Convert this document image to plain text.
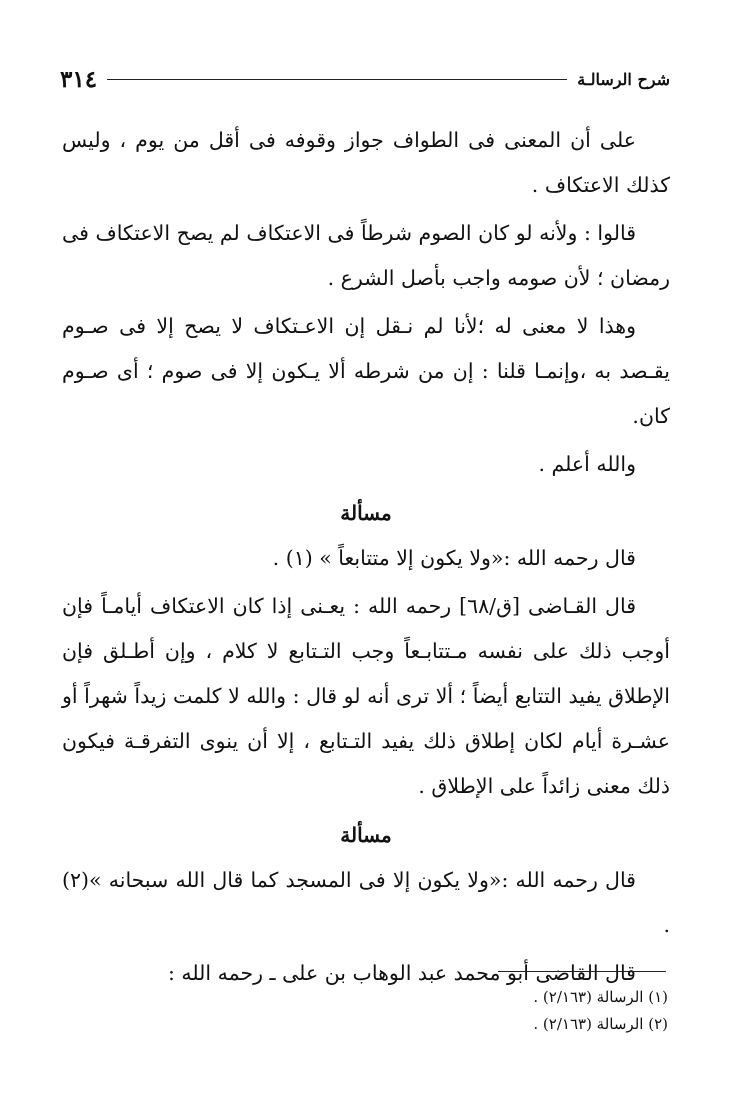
٣١٤	شرح الرسالـة

على أن المعنى فى الطواف جواز وقوفه فى أقل من يوم ، وليس كذلك الاعتكاف .

قالوا : ولأنه لو كان الصوم شرطاً فى الاعتكاف لم يصح الاعتكاف فى رمضان ؛ لأن صومه واجب بأصل الشرع .

وهذا لا معنى له ؛لأنا لم نـقل إن الاعـتكاف لا يصح إلا فى صـوم يقـصد به ،وإنمـا قلنا : إن من شرطه ألا يـكون إلا فى صوم ؛ أى صـوم كان.

والله أعلم .

مسألة

قال رحمه الله :«ولا يكون إلا متتابعاً » (١) .

قال القـاضى [ق/٦٨] رحمه الله : يعـنى إذا كان الاعتكاف أيامـاً فإن أوجب ذلك على نفسه مـتتابـعاً وجب التـتابع لا كلام ، وإن أطـلق فإن الإطلاق يفيد التتابع أيضاً ؛ ألا ترى أنه لو قال : والله لا كلمت زيداً شهراً أو عشـرة أيام لكان إطلاق ذلك يفيد التـتابع ، إلا أن ينوى التفرقـة فيكون ذلك معنى زائداً على الإطلاق .

مسألة

قال رحمه الله :«ولا يكون إلا فى المسجد كما قال الله سبحانه »(٢) .

قال القاضى أبو محمد عبد الوهاب بن على ـ رحمه الله :

(١) الرسالة (٢/١٦٣) .
(٢) الرسالة (٢/١٦٣) .
